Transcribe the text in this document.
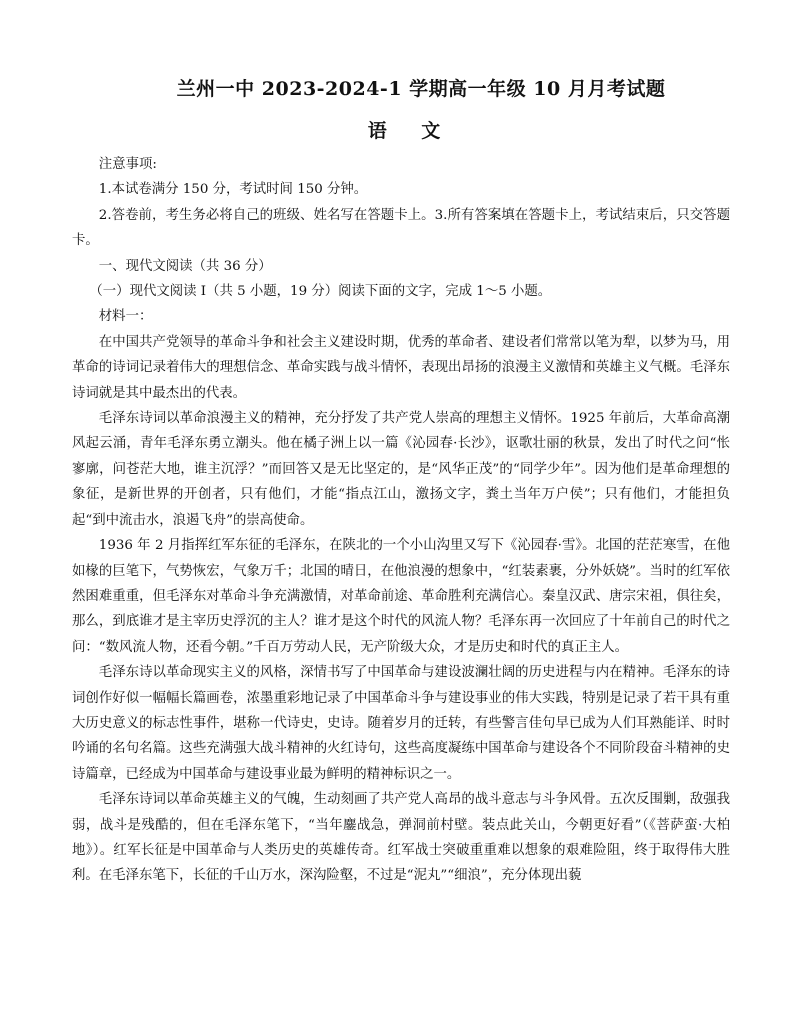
兰州一中 2023-2024-1 学期高一年级 10 月月考试题
语 文

注意事项:

1.本试卷满分 150 分，考试时间 150 分钟。

2.答卷前，考生务必将自己的班级、姓名写在答题卡上。3.所有答案填在答题卡上，考试结束后，只交答题卡。

一、现代文阅读（共 36 分）

（一）现代文阅读 I（共 5 小题，19 分）阅读下面的文字，完成 1～5 小题。

材料一：

在中国共产党领导的革命斗争和社会主义建设时期，优秀的革命者、建设者们常常以笔为犁，以梦为马，用革命的诗词记录着伟大的理想信念、革命实践与战斗情怀，表现出昂扬的浪漫主义激情和英雄主义气概。毛泽东诗词就是其中最杰出的代表。

毛泽东诗词以革命浪漫主义的精神，充分抒发了共产党人崇高的理想主义情怀。1925 年前后，大革命高潮风起云涌，青年毛泽东勇立潮头。他在橘子洲上以一篇《沁园春·长沙》，讴歌壮丽的秋景，发出了时代之问“怅寥廓，问苍茫大地，谁主沉浮？”而回答又是无比坚定的，是“风华正茂”的“同学少年”。因为他们是革命理想的象征，是新世界的开创者，只有他们，才能“指点江山，激扬文字，粪土当年万户侯”；只有他们，才能担负起“到中流击水，浪遏飞舟”的崇高使命。

1936 年 2 月指挥红军东征的毛泽东，在陕北的一个小山沟里又写下《沁园春·雪》。北国的茫茫寒雪，在他如椽的巨笔下，气势恢宏，气象万千；北国的晴日，在他浪漫的想象中，“红装素裹，分外妖娆”。当时的红军依然困难重重，但毛泽东对革命斗争充满激情，对革命前途、革命胜利充满信心。秦皇汉武、唐宗宋祖，俱往矣，那么，到底谁才是主宰历史浮沉的主人？谁才是这个时代的风流人物？毛泽东再一次回应了十年前自己的时代之问：“数风流人物，还看今朝。”千百万劳动人民，无产阶级大众，才是历史和时代的真正主人。

毛泽东诗以革命现实主义的风格，深情书写了中国革命与建设波澜壮阔的历史进程与内在精神。毛泽东的诗词创作好似一幅幅长篇画卷，浓墨重彩地记录了中国革命斗争与建设事业的伟大实践，特别是记录了若干具有重大历史意义的标志性事件，堪称一代诗史，史诗。随着岁月的迁转，有些警言佳句早已成为人们耳熟能详、时时吟诵的名句名篇。这些充满强大战斗精神的火红诗句，这些高度凝练中国革命与建设各个不同阶段奋斗精神的史诗篇章，已经成为中国革命与建设事业最为鲜明的精神标识之一。

毛泽东诗词以革命英雄主义的气魄，生动刻画了共产党人高昂的战斗意志与斗争风骨。五次反围剿，敌强我弱，战斗是残酷的，但在毛泽东笔下，“当年鏖战急，弹洞前村壁。装点此关山，今朝更好看”（《菩萨蛮·大柏地》）。红军长征是中国革命与人类历史的英雄传奇。红军战士突破重重难以想象的艰难险阻，终于取得伟大胜利。在毛泽东笔下，长征的千山万水，深沟险壑，不过是“泥丸”“细浪”，充分体现出藐
